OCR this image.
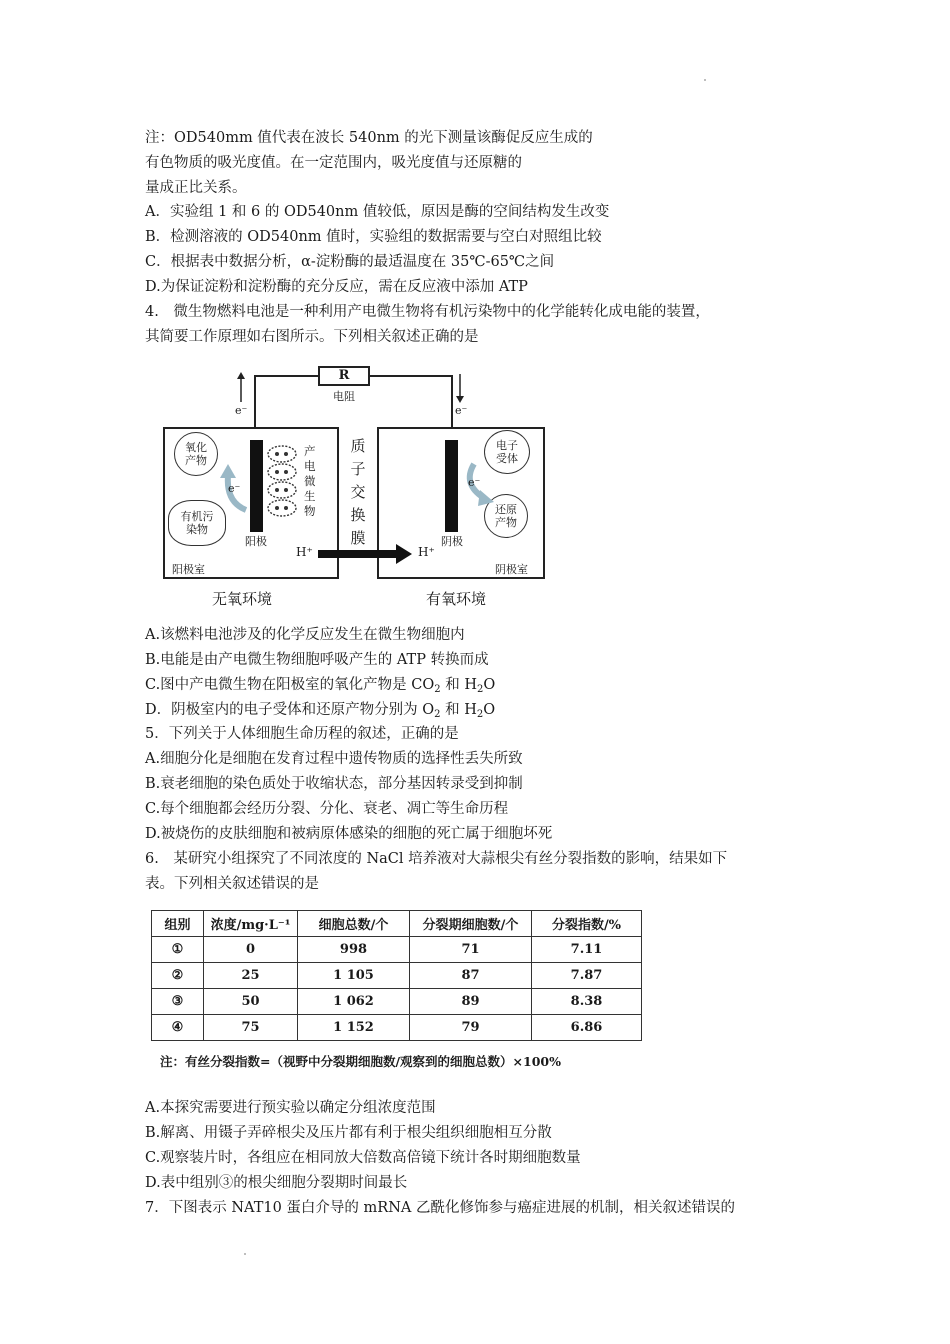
注：OD540mm 值代表在波长 540nm 的光下测量该酶促反应生成的
有色物质的吸光度值。在一定范围内，吸光度值与还原糖的
量成正比关系。
A．实验组 1 和 6 的 OD540nm 值较低，原因是酶的空间结构发生改变
B．检测溶液的 OD540nm 值时，实验组的数据需要与空白对照组比较
C．根据表中数据分析，α-淀粉酶的最适温度在 35℃-65℃之间
D.为保证淀粉和淀粉酶的充分反应，需在反应液中添加 ATP
4.　微生物燃料电池是一种利用产电微生物将有机污染物中的化学能转化成电能的装置，
其简要工作原理如右图所示。下列相关叙述正确的是
R
电阻
e⁻	e⁻
质子交换膜
阳极	阴极
氧化产物
有机污染物
e⁻
产电微生物
电子受体
还原产物
e⁻
H⁺	H⁺
阳极室	阴极室
无氧环境	有氧环境
A.该燃料电池涉及的化学反应发生在微生物细胞内
B.电能是由产电微生物细胞呼吸产生的 ATP 转换而成
C.图中产电微生物在阳极室的氧化产物是 $CO_2$ 和 $H_2O$
D．阴极室内的电子受体和还原产物分别为 $O_2$ 和 $H_2O$
5．下列关于人体细胞生命历程的叙述，正确的是
A.细胞分化是细胞在发育过程中遗传物质的选择性丢失所致
B.衰老细胞的染色质处于收缩状态，部分基因转录受到抑制
C.每个细胞都会经历分裂、分化、衰老、凋亡等生命历程
D.被烧伤的皮肤细胞和被病原体感染的细胞的死亡属于细胞坏死
6.　某研究小组探究了不同浓度的 NaCl 培养液对大蒜根尖有丝分裂指数的影响，结果如下
表。下列相关叙述错误的是
组别	浓度/mg·L⁻¹	细胞总数/个	分裂期细胞数/个	分裂指数/%
①	0	998	71	7.11
②	25	1 105	87	7.87
③	50	1 062	89	8.38
④	75	1 152	79	6.86
注：有丝分裂指数=（视野中分裂期细胞数/观察到的细胞总数）×100%
A.本探究需要进行预实验以确定分组浓度范围
B.解离、用镊子弄碎根尖及压片都有利于根尖组织细胞相互分散
C.观察装片时，各组应在相同放大倍数高倍镜下统计各时期细胞数量
D.表中组别③的根尖细胞分裂期时间最长
7．下图表示 NAT10 蛋白介导的 mRNA 乙酰化修饰参与癌症进展的机制，相关叙述错误的
